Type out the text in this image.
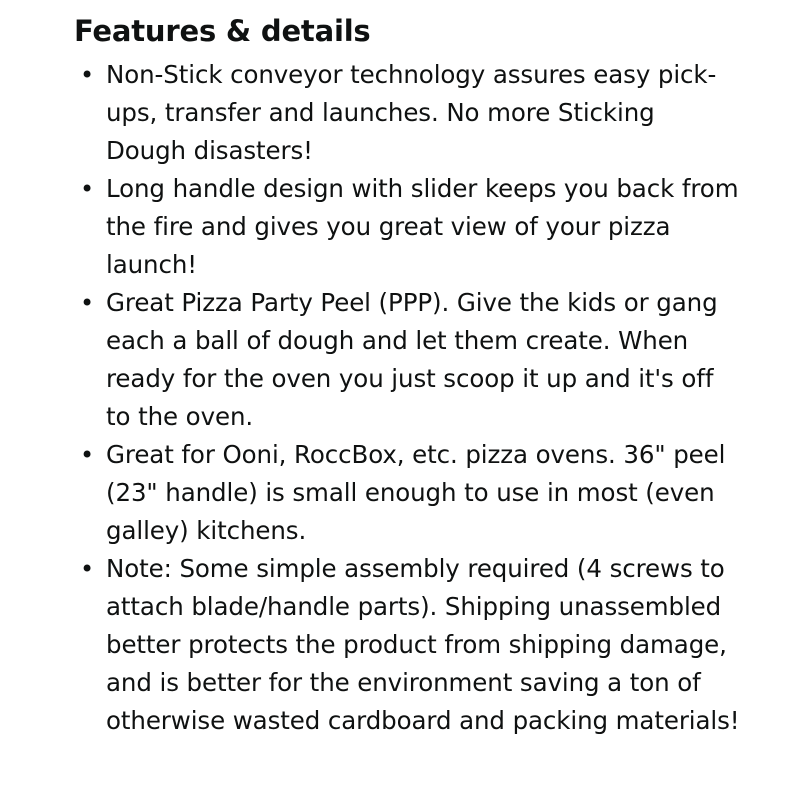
Features & details
• Non-Stick conveyor technology assures easy pick-ups, transfer and launches. No more Sticking Dough disasters!
• Long handle design with slider keeps you back from the fire and gives you great view of your pizza launch!
• Great Pizza Party Peel (PPP). Give the kids or gang each a ball of dough and let them create. When ready for the oven you just scoop it up and it's off to the oven.
• Great for Ooni, RoccBox, etc. pizza ovens. 36" peel (23" handle) is small enough to use in most (even galley) kitchens.
• Note: Some simple assembly required (4 screws to attach blade/handle parts). Shipping unassembled better protects the product from shipping damage, and is better for the environment saving a ton of otherwise wasted cardboard and packing materials!
